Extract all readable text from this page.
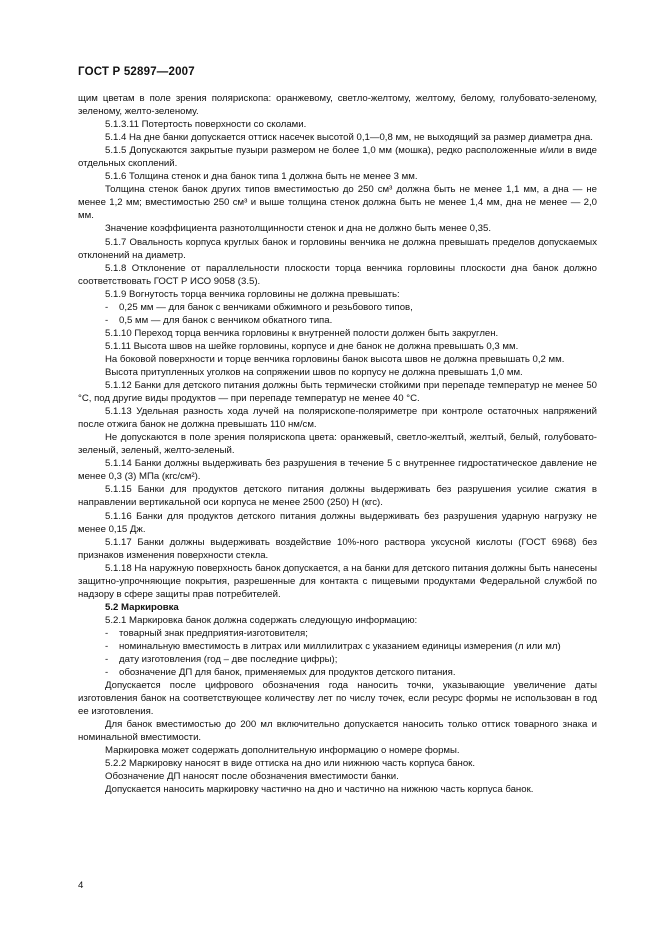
ГОСТ Р 52897—2007

щим цветам в поле зрения полярископа: оранжевому, светло-желтому, желтому, белому, голубовато-зеленому, зеленому, желто-зеленому.

5.1.3.11 Потертость поверхности со сколами.

5.1.4 На дне банки допускается оттиск насечек высотой 0,1—0,8 мм, не выходящий за размер диаметра дна.

5.1.5 Допускаются закрытые пузыри размером не более 1,0 мм (мошка), редко расположенные и/или в виде отдельных скоплений.

5.1.6 Толщина стенок и дна банок типа 1 должна быть не менее 3 мм.

Толщина стенок банок других типов вместимостью до 250 см³ должна быть не менее 1,1 мм, а дна — не менее 1,2 мм; вместимостью 250 см³ и выше толщина стенок должна быть не менее 1,4 мм, дна не менее — 2,0 мм.

Значение коэффициента разнотолщинности стенок и дна не должно быть менее 0,35.

5.1.7 Овальность корпуса круглых банок и горловины венчика не должна превышать пределов допускаемых отклонений на диаметр.

5.1.8 Отклонение от параллельности плоскости торца венчика горловины плоскости дна банок должно соответствовать ГОСТ Р ИСО 9058 (3.5).

5.1.9 Вогнутость торца венчика горловины не должна превышать:

- 0,25 мм — для банок с венчиками обжимного и резьбового типов,

- 0,5 мм — для банок с венчиком обкатного типа.

5.1.10 Переход торца венчика горловины к внутренней полости должен быть закруглен.

5.1.11 Высота швов на шейке горловины, корпусе и дне банок не должна превышать 0,3 мм.

На боковой поверхности и торце венчика горловины банок высота швов не должна превышать 0,2 мм.

Высота притупленных уголков на сопряжении швов по корпусу не должна превышать 1,0 мм.

5.1.12 Банки для детского питания должны быть термически стойкими при перепаде температур не менее 50 °С, под другие виды продуктов — при перепаде температур не менее 40 °С.

5.1.13 Удельная разность хода лучей на полярископе-поляриметре при контроле остаточных напряжений после отжига банок не должна превышать 110 нм/см.

Не допускаются в поле зрения полярископа цвета: оранжевый, светло-желтый, желтый, белый, голубовато-зеленый, зеленый, желто-зеленый.

5.1.14 Банки должны выдерживать без разрушения в течение 5 с внутреннее гидростатическое давление не менее 0,3 (3) МПа (кгс/см²).

5.1.15 Банки для продуктов детского питания должны выдерживать без разрушения усилие сжатия в направлении вертикальной оси корпуса не менее 2500 (250) Н (кгс).

5.1.16 Банки для продуктов детского питания должны выдерживать без разрушения ударную нагрузку не менее 0,15 Дж.

5.1.17 Банки должны выдерживать воздействие 10%-ного раствора уксусной кислоты (ГОСТ 6968) без признаков изменения поверхности стекла.

5.1.18 На наружную поверхность банок допускается, а на банки для детского питания должны быть нанесены защитно-упрочняющие покрытия, разрешенные для контакта с пищевыми продуктами Федеральной службой по надзору в сфере защиты прав потребителей.

5.2 Маркировка

5.2.1 Маркировка банок должна содержать следующую информацию:

- товарный знак предприятия-изготовителя;

- номинальную вместимость в литрах или миллилитрах с указанием единицы измерения (л или мл)

- дату изготовления (год – две последние цифры);

- обозначение ДП для банок, применяемых для продуктов детского питания.

Допускается после цифрового обозначения года наносить точки, указывающие увеличение даты изготовления банок на соответствующее количеству лет по числу точек, если ресурс формы не использован в год ее изготовления.

Для банок вместимостью до 200 мл включительно допускается наносить только оттиск товарного знака и номинальной вместимости.

Маркировка может содержать дополнительную информацию о номере формы.

5.2.2 Маркировку наносят в виде оттиска на дно или нижнюю часть корпуса банок.

Обозначение ДП наносят после обозначения вместимости банки.

Допускается наносить маркировку частично на дно и частично на нижнюю часть корпуса банок.

4
